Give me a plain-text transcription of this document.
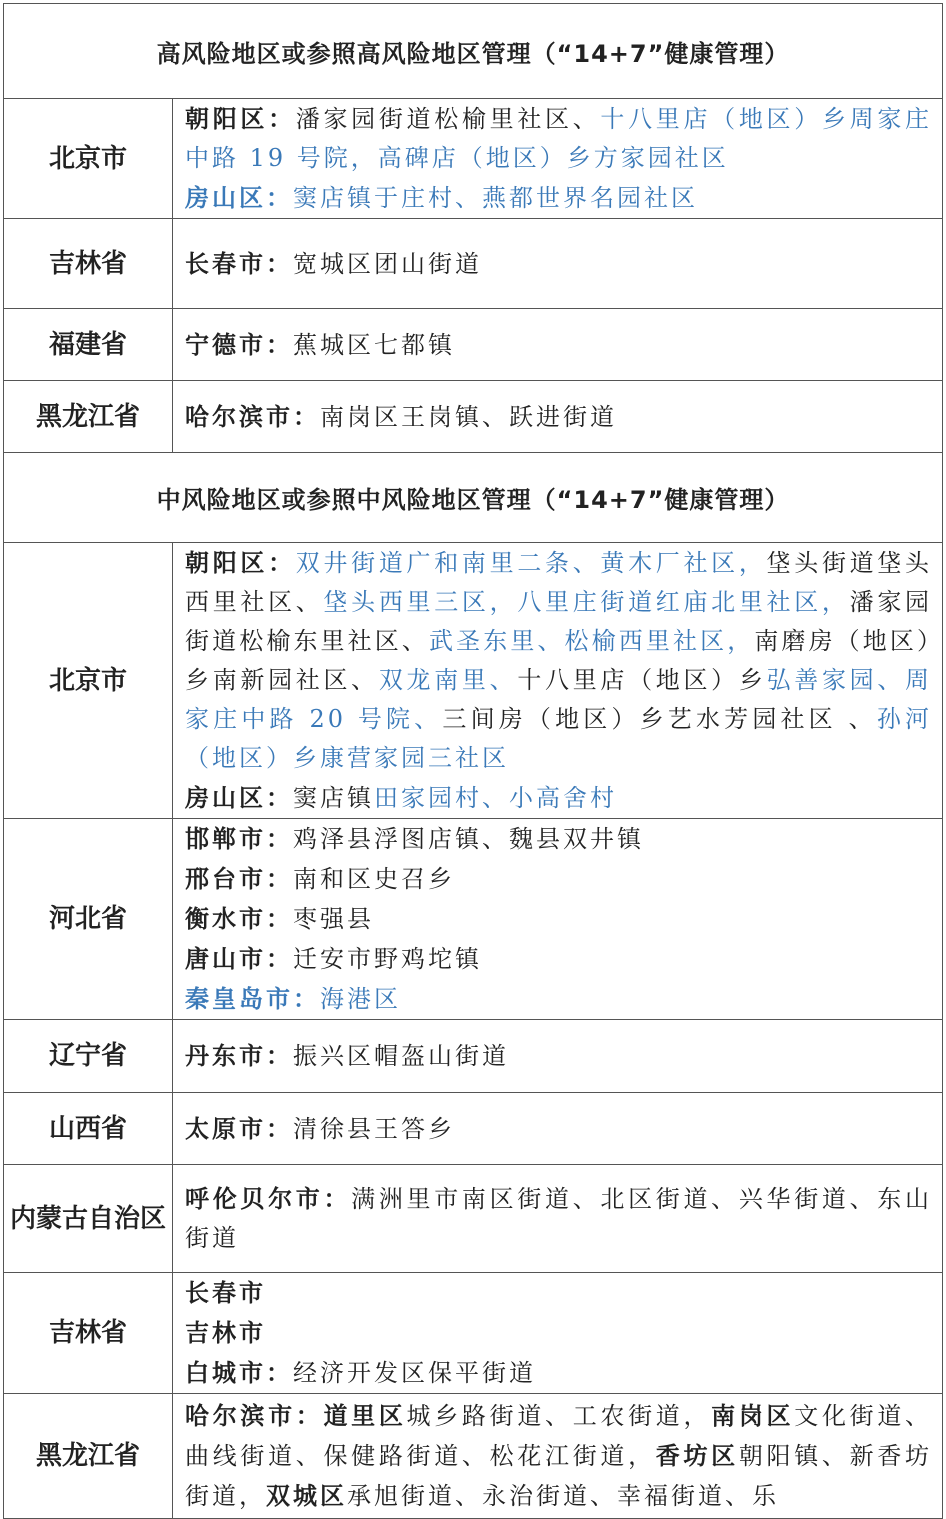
高风险地区或参照高风险地区管理（“14+7”健康管理）	
北京市	朝阳区：潘家园街道松榆里社区、十八里店（地区）乡周家庄中路 19 号院，高碑店（地区）乡方家园社区
房山区：窦店镇于庄村、燕都世界名园社区

吉林省	长春市：宽城区团山街道

福建省	宁德市：蕉城区七都镇

黑龙江省	哈尔滨市：南岗区王岗镇、跃进街道

中风险地区或参照中风险地区管理（“14+7”健康管理）	
北京市	朝阳区：双井街道广和南里二条、黄木厂社区，垡头街道垡头西里社区、垡头西里三区，八里庄街道红庙北里社区，潘家园街道松榆东里社区、武圣东里、松榆西里社区，南磨房（地区）乡南新园社区、双龙南里、十八里店（地区）乡弘善家园、周家庄中路 20 号院、三间房（地区）乡艺水芳园社区 、孙河（地区）乡康营家园三社区
房山区：窦店镇田家园村、小高舍村

河北省	邯郸市：鸡泽县浮图店镇、魏县双井镇
邢台市：南和区史召乡
衡水市：枣强县
唐山市：迁安市野鸡坨镇
秦皇岛市：海港区

辽宁省	丹东市：振兴区帽盔山街道

山西省	太原市：清徐县王答乡

内蒙古自治区	呼伦贝尔市：满洲里市南区街道、北区街道、兴华街道、东山街道

吉林省	长春市
吉林市
白城市：经济开发区保平街道

黑龙江省	哈尔滨市：道里区城乡路街道、工农街道，南岗区文化街道、曲线街道、保健路街道、松花江街道，香坊区朝阳镇、新香坊街道，双城区承旭街道、永治街道、幸福街道、乐
